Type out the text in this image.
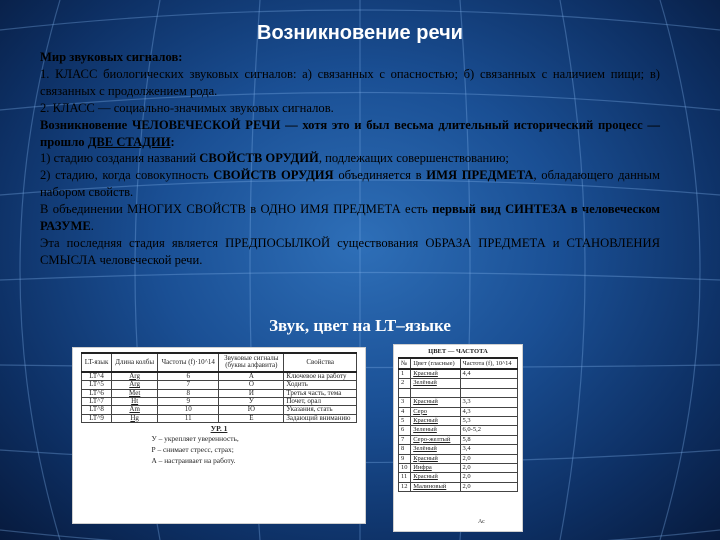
Возникновение речи

Мир звуковых сигналов:

1. КЛАСС биологических звуковых сигналов: а) связанных с опасностью; б) связанных с наличием пищи; в) связанных с продолжением рода.

2. КЛАСС — социально-значимых звуковых сигналов.

Возникновение ЧЕЛОВЕЧЕСКОЙ РЕЧИ — хотя это и был весьма длительный исторический процесс — прошло ДВЕ СТАДИИ:

1) стадию создания названий СВОЙСТВ ОРУДИЙ, подлежащих совершенствованию;

2) стадию, когда совокупность СВОЙСТВ ОРУДИЯ объединяется в ИМЯ ПРЕДМЕТА, обладающего данным набором свойств.

В объединении МНОГИХ СВОЙСТВ в ОДНО ИМЯ ПРЕДМЕТА есть первый вид СИНТЕЗА в человеческом РАЗУМЕ.

Эта последняя стадия является ПРЕДПОСЫЛКОЙ существования ОБРАЗА ПРЕДМЕТА и СТАНОВЛЕНИЯ СМЫСЛА человеческой речи.

Звук, цвет на LT–языке
LT-язык	Длина колбы	Частоты (f)·10^14	Звуковые сигналы (буквы алфавита)	Свойства
LT^4	Arg	6	А	Ключевое на работу
LT^5	Arg	7	О	Ходить
LT^6	Met	8	И	Третья часть, тема
LT^7	Ht	9	У	Почет, орал
LT^8	Am	10	Ю	Указания, стать
LT^9	Hg	11	Е	Задающий вниманию
УР. 1				
У – укрепляет уверенность,				
Р – снимает стресс, страх;				
А – настраивает на работу.				
ЦВЕТ — ЧАСТОТА
№	Цвет (гласные)	Частота (f), 10^14
1	Красный	4,4
2	Зелёный	

3	Красный	3,3
4	Серо	4,3
5	Красный	5,3
6	Зеленый	6,0-5,2
7	Серо-желтый	5,8
8	Зелёный	3,4
9	Красный	2,0
10	Инфра	2,0
11	Красный	2,0
12	Малиновый	2,0
Ас
